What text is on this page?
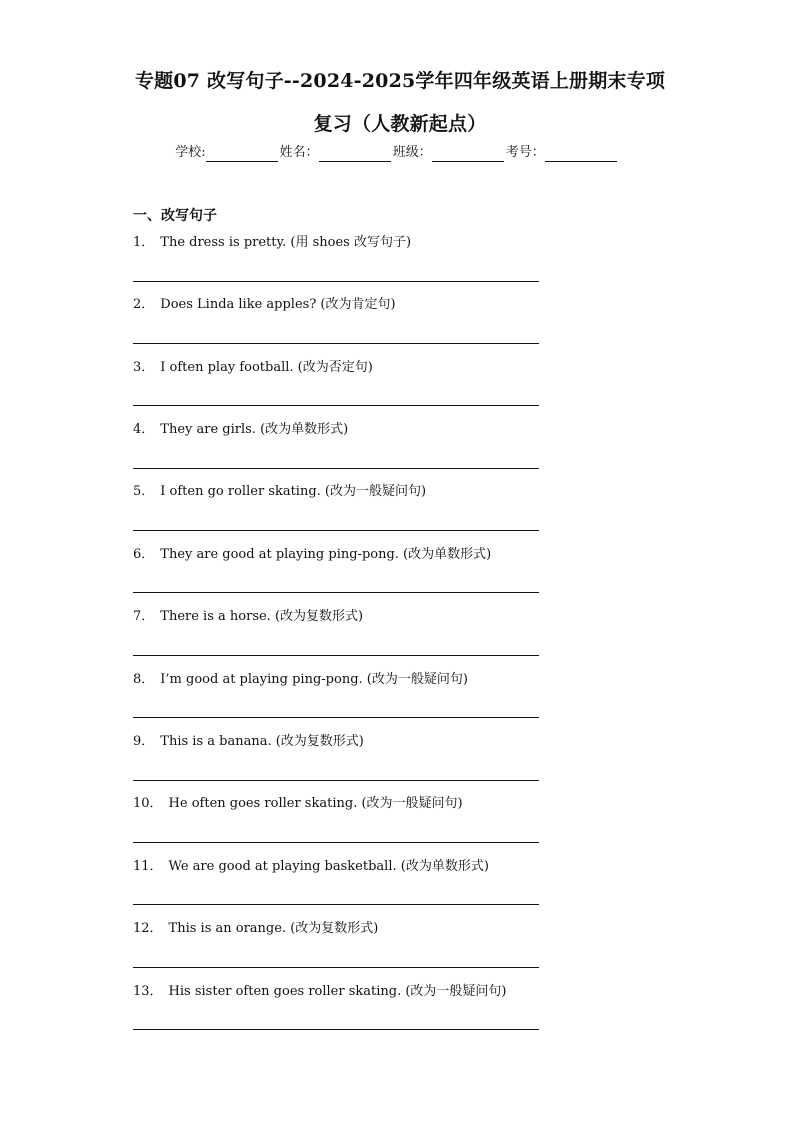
专题07 改写句子--2024-2025学年四年级英语上册期末专项
复习（人教新起点）
学校:	姓名：	班级：	考号：
一、改写句子
1． The dress is pretty. (用 shoes 改写句子)
2． Does Linda like apples? (改为肯定句)
3． I often play football. (改为否定句)
4． They are girls. (改为单数形式)
5． I often go roller skating. (改为一般疑问句)
6． They are good at playing ping-pong. (改为单数形式)
7． There is a horse. (改为复数形式)
8． I’m good at playing ping-pong. (改为一般疑问句)
9． This is a banana. (改为复数形式)
10． He often goes roller skating. (改为一般疑问句)
11． We are good at playing basketball. (改为单数形式)
12． This is an orange. (改为复数形式)
13． His sister often goes roller skating. (改为一般疑问句)
